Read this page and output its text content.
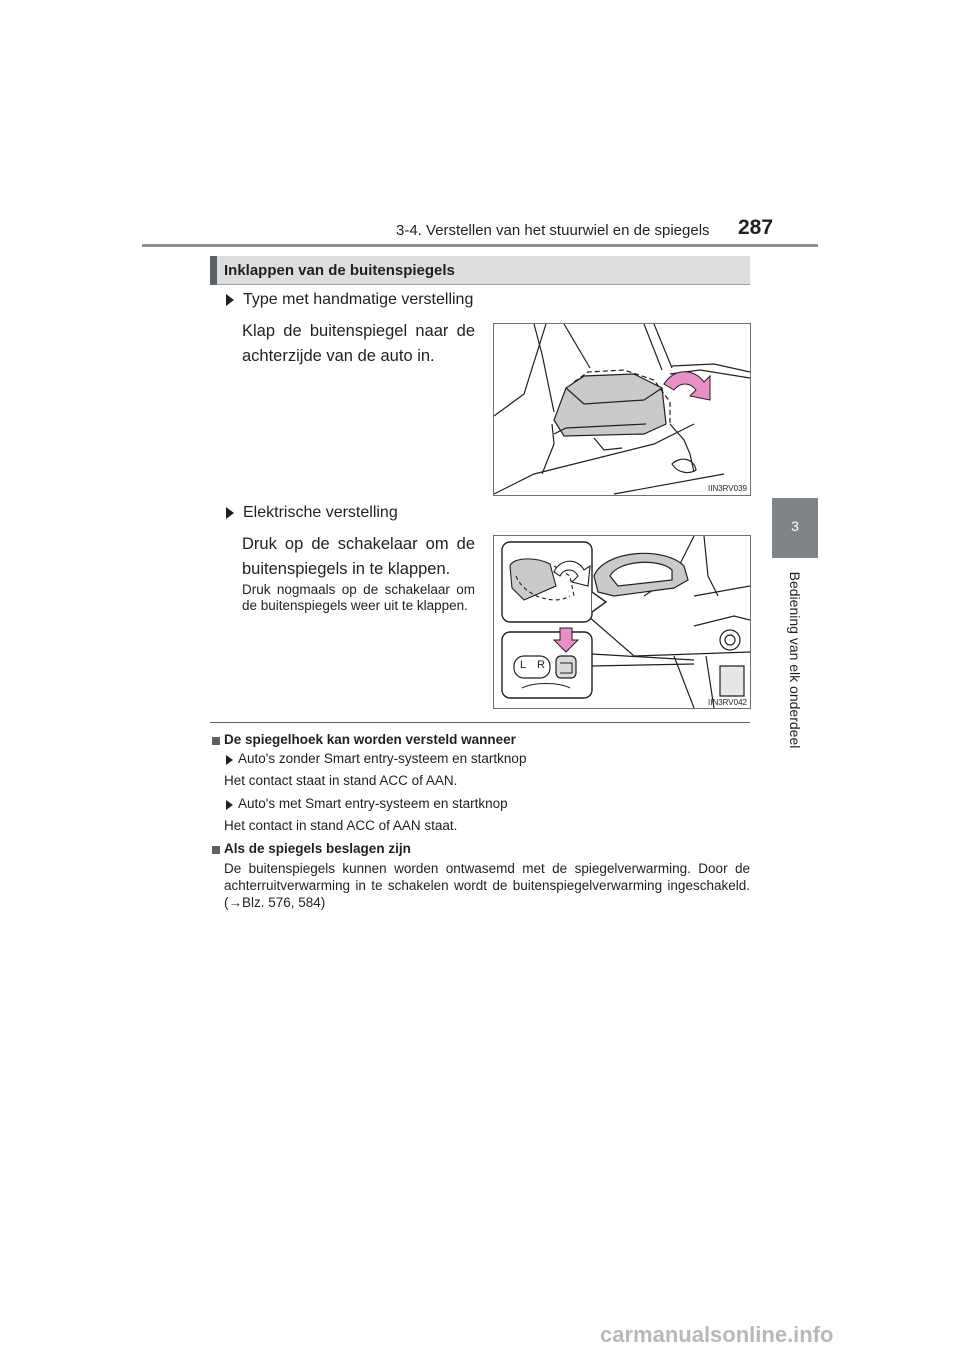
3-4. Verstellen van het stuurwiel en de spiegels 287
3
Bediening van elk onderdeel
Inklappen van de buitenspiegels
Type met handmatige verstelling
Klap de buitenspiegel naar de achterzijde van de auto in.
IIN3RV039
Elektrische verstelling
Druk op de schakelaar om de buitenspiegels in te klappen.
Druk nogmaals op de schakelaar om de buitenspiegels weer uit te klappen.
L R
IIN3RV042
De spiegelhoek kan worden versteld wanneer
Auto's zonder Smart entry-systeem en startknop
Het contact staat in stand ACC of AAN.
Auto's met Smart entry-systeem en startknop
Het contact in stand ACC of AAN staat.
Als de spiegels beslagen zijn
De buitenspiegels kunnen worden ontwasemd met de spiegelverwarming. Door de achterruitverwarming in te schakelen wordt de buitenspiegelverwarming ingeschakeld. (→Blz. 576, 584)
carmanualsonline.info
